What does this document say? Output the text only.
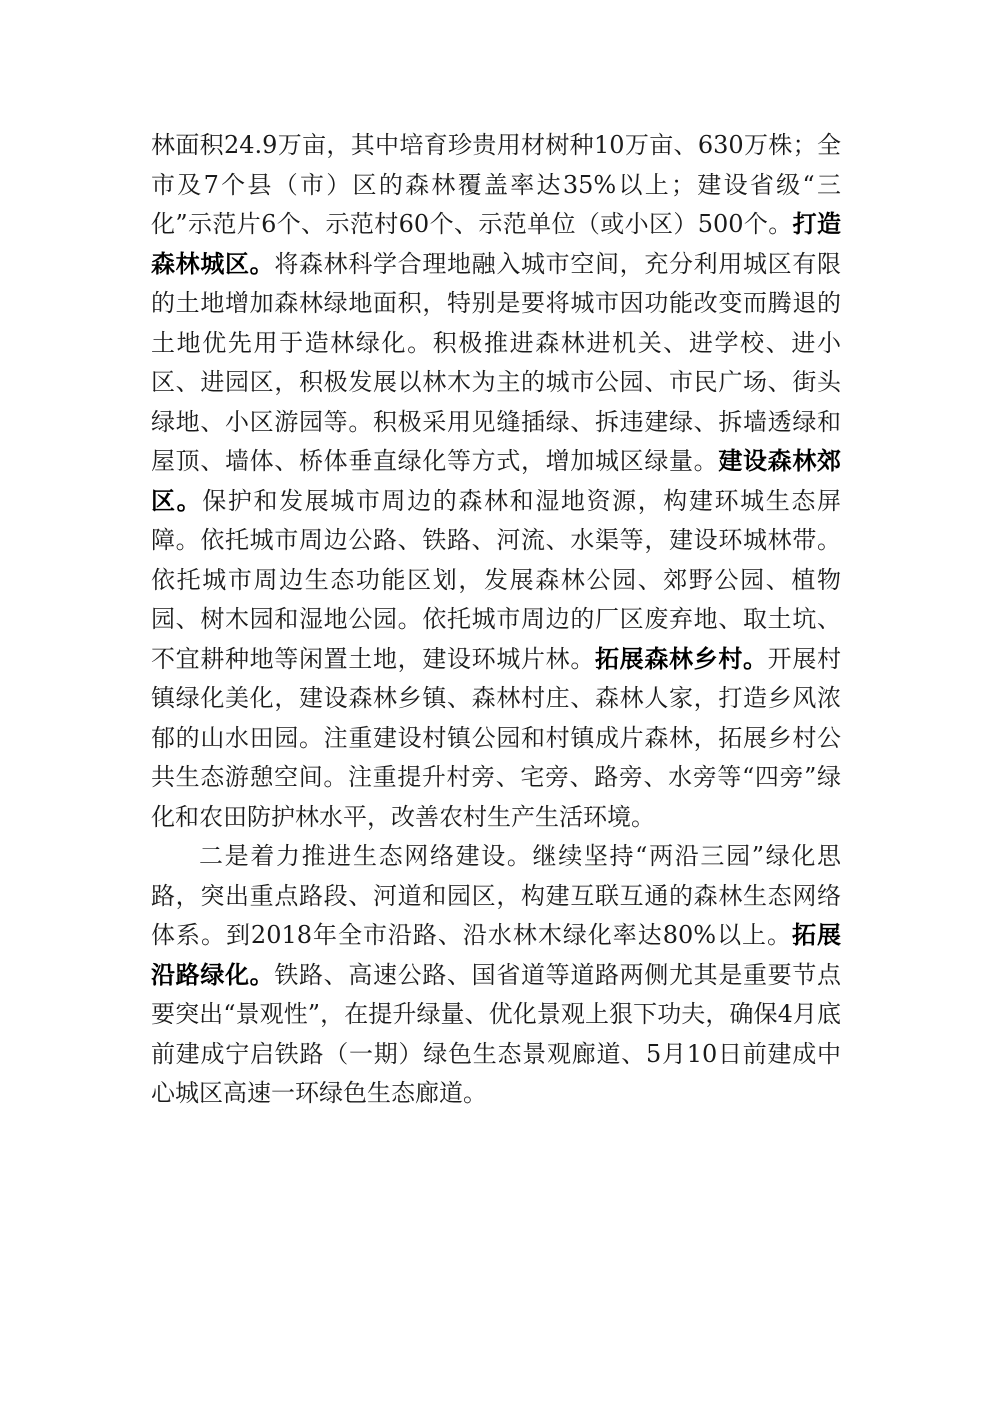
林面积24.9万亩，其中培育珍贵用材树种10万亩、630万株；全市及7个县（市）区的森林覆盖率达35%以上；建设省级“三化”示范片6个、示范村60个、示范单位（或小区）500个。打造森林城区。将森林科学合理地融入城市空间，充分利用城区有限的土地增加森林绿地面积，特别是要将城市因功能改变而腾退的土地优先用于造林绿化。积极推进森林进机关、进学校、进小区、进园区，积极发展以林木为主的城市公园、市民广场、街头绿地、小区游园等。积极采用见缝插绿、拆违建绿、拆墙透绿和屋顶、墙体、桥体垂直绿化等方式，增加城区绿量。建设森林郊区。保护和发展城市周边的森林和湿地资源，构建环城生态屏障。依托城市周边公路、铁路、河流、水渠等，建设环城林带。依托城市周边生态功能区划，发展森林公园、郊野公园、植物园、树木园和湿地公园。依托城市周边的厂区废弃地、取土坑、不宜耕种地等闲置土地，建设环城片林。拓展森林乡村。开展村镇绿化美化，建设森林乡镇、森林村庄、森林人家，打造乡风浓郁的山水田园。注重建设村镇公园和村镇成片森林，拓展乡村公共生态游憩空间。注重提升村旁、宅旁、路旁、水旁等“四旁”绿化和农田防护林水平，改善农村生产生活环境。

二是着力推进生态网络建设。继续坚持“两沿三园”绿化思路，突出重点路段、河道和园区，构建互联互通的森林生态网络体系。到2018年全市沿路、沿水林木绿化率达80%以上。拓展沿路绿化。铁路、高速公路、国省道等道路两侧尤其是重要节点要突出“景观性”，在提升绿量、优化景观上狠下功夫，确保4月底前建成宁启铁路（一期）绿色生态景观廊道、5月10日前建成中心城区高速一环绿色生态廊道。
